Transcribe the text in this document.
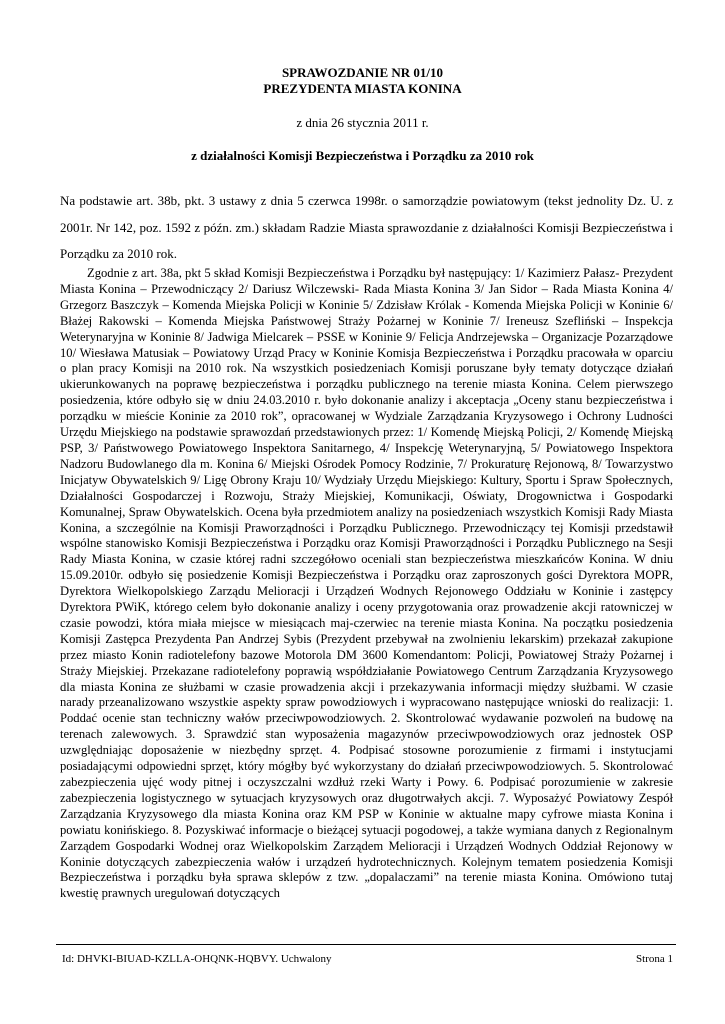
SPRAWOZDANIE NR 01/10
PREZYDENTA MIASTA KONINA
z dnia 26 stycznia 2011 r.
z działalności Komisji Bezpieczeństwa i Porządku za 2010 rok

Na podstawie art. 38b, pkt. 3 ustawy z dnia 5 czerwca 1998r. o samorządzie powiatowym (tekst jednolity Dz. U. z 2001r. Nr 142, poz. 1592 z późn. zm.) składam Radzie Miasta sprawozdanie z działalności Komisji Bezpieczeństwa i Porządku za 2010 rok.

Zgodnie z art. 38a, pkt 5 skład Komisji Bezpieczeństwa i Porządku był następujący: 1/ Kazimierz Pałasz- Prezydent Miasta Konina – Przewodniczący 2/ Dariusz Wilczewski- Rada Miasta Konina 3/ Jan Sidor – Rada Miasta Konina 4/ Grzegorz Baszczyk – Komenda Miejska Policji w Koninie 5/ Zdzisław Królak - Komenda Miejska Policji w Koninie 6/ Błażej Rakowski – Komenda Miejska Państwowej Straży Pożarnej w Koninie 7/ Ireneusz Szefliński – Inspekcja Weterynaryjna w Koninie 8/ Jadwiga Mielcarek – PSSE w Koninie 9/ Felicja Andrzejewska – Organizacje Pozarządowe 10/ Wiesława Matusiak – Powiatowy Urząd Pracy w Koninie Komisja Bezpieczeństwa i Porządku pracowała w oparciu o plan pracy Komisji na 2010 rok. Na wszystkich posiedzeniach Komisji poruszane były tematy dotyczące działań ukierunkowanych na poprawę bezpieczeństwa i porządku publicznego na terenie miasta Konina. Celem pierwszego posiedzenia, które odbyło się w dniu 24.03.2010 r. było dokonanie analizy i akceptacja „Oceny stanu bezpieczeństwa i porządku w mieście Koninie za 2010 rok”, opracowanej w Wydziale Zarządzania Kryzysowego i Ochrony Ludności Urzędu Miejskiego na podstawie sprawozdań przedstawionych przez: 1/ Komendę Miejską Policji, 2/ Komendę Miejską PSP, 3/ Państwowego Powiatowego Inspektora Sanitarnego, 4/ Inspekcję Weterynaryjną, 5/ Powiatowego Inspektora Nadzoru Budowlanego dla m. Konina 6/ Miejski Ośrodek Pomocy Rodzinie, 7/ Prokuraturę Rejonową, 8/ Towarzystwo Inicjatyw Obywatelskich 9/ Ligę Obrony Kraju 10/ Wydziały Urzędu Miejskiego: Kultury, Sportu i Spraw Społecznych, Działalności Gospodarczej i Rozwoju, Straży Miejskiej, Komunikacji, Oświaty, Drogownictwa i Gospodarki Komunalnej, Spraw Obywatelskich. Ocena była przedmiotem analizy na posiedzeniach wszystkich Komisji Rady Miasta Konina, a szczególnie na Komisji Praworządności i Porządku Publicznego. Przewodniczący tej Komisji przedstawił wspólne stanowisko Komisji Bezpieczeństwa i Porządku oraz Komisji Praworządności i Porządku Publicznego na Sesji Rady Miasta Konina, w czasie której radni szczegółowo oceniali stan bezpieczeństwa mieszkańców Konina. W dniu 15.09.2010r. odbyło się posiedzenie Komisji Bezpieczeństwa i Porządku oraz zaproszonych gości Dyrektora MOPR, Dyrektora Wielkopolskiego Zarządu Melioracji i Urządzeń Wodnych Rejonowego Oddziału w Koninie i zastępcy Dyrektora PWiK, którego celem było dokonanie analizy i oceny przygotowania oraz prowadzenie akcji ratowniczej w czasie powodzi, która miała miejsce w miesiącach maj-czerwiec na terenie miasta Konina. Na początku posiedzenia Komisji Zastępca Prezydenta Pan Andrzej Sybis (Prezydent przebywał na zwolnieniu lekarskim) przekazał zakupione przez miasto Konin radiotelefony bazowe Motorola DM 3600 Komendantom: Policji, Powiatowej Straży Pożarnej i Straży Miejskiej. Przekazane radiotelefony poprawią współdziałanie Powiatowego Centrum Zarządzania Kryzysowego dla miasta Konina ze służbami w czasie prowadzenia akcji i przekazywania informacji między służbami. W czasie narady przeanalizowano wszystkie aspekty spraw powodziowych i wypracowano następujące wnioski do realizacji: 1. Poddać ocenie stan techniczny wałów przeciwpowodziowych. 2. Skontrolować wydawanie pozwoleń na budowę na terenach zalewowych. 3. Sprawdzić stan wyposażenia magazynów przeciwpowodziowych oraz jednostek OSP uzwględniając doposażenie w niezbędny sprzęt. 4. Podpisać stosowne porozumienie z firmami i instytucjami posiadającymi odpowiedni sprzęt, który mógłby być wykorzystany do działań przeciwpowodziowych. 5. Skontrolować zabezpieczenia ujęć wody pitnej i oczyszczalni wzdłuż rzeki Warty i Powy. 6. Podpisać porozumienie w zakresie zabezpieczenia logistycznego w sytuacjach kryzysowych oraz długotrwałych akcji. 7. Wyposażyć Powiatowy Zespół Zarządzania Kryzysowego dla miasta Konina oraz KM PSP w Koninie w aktualne mapy cyfrowe miasta Konina i powiatu konińskiego. 8. Pozyskiwać informacje o bieżącej sytuacji pogodowej, a także wymiana danych z Regionalnym Zarządem Gospodarki Wodnej oraz Wielkopolskim Zarządem Melioracji i Urządzeń Wodnych Oddział Rejonowy w Koninie dotyczących zabezpieczenia wałów i urządzeń hydrotechnicznych. Kolejnym tematem posiedzenia Komisji Bezpieczeństwa i porządku była sprawa sklepów z tzw. „dopalaczami” na terenie miasta Konina. Omówiono tutaj kwestię prawnych uregulowań dotyczących

Id: DHVKI-BIUAD-KZLLA-OHQNK-HQBVY. Uchwalony	Strona 1
